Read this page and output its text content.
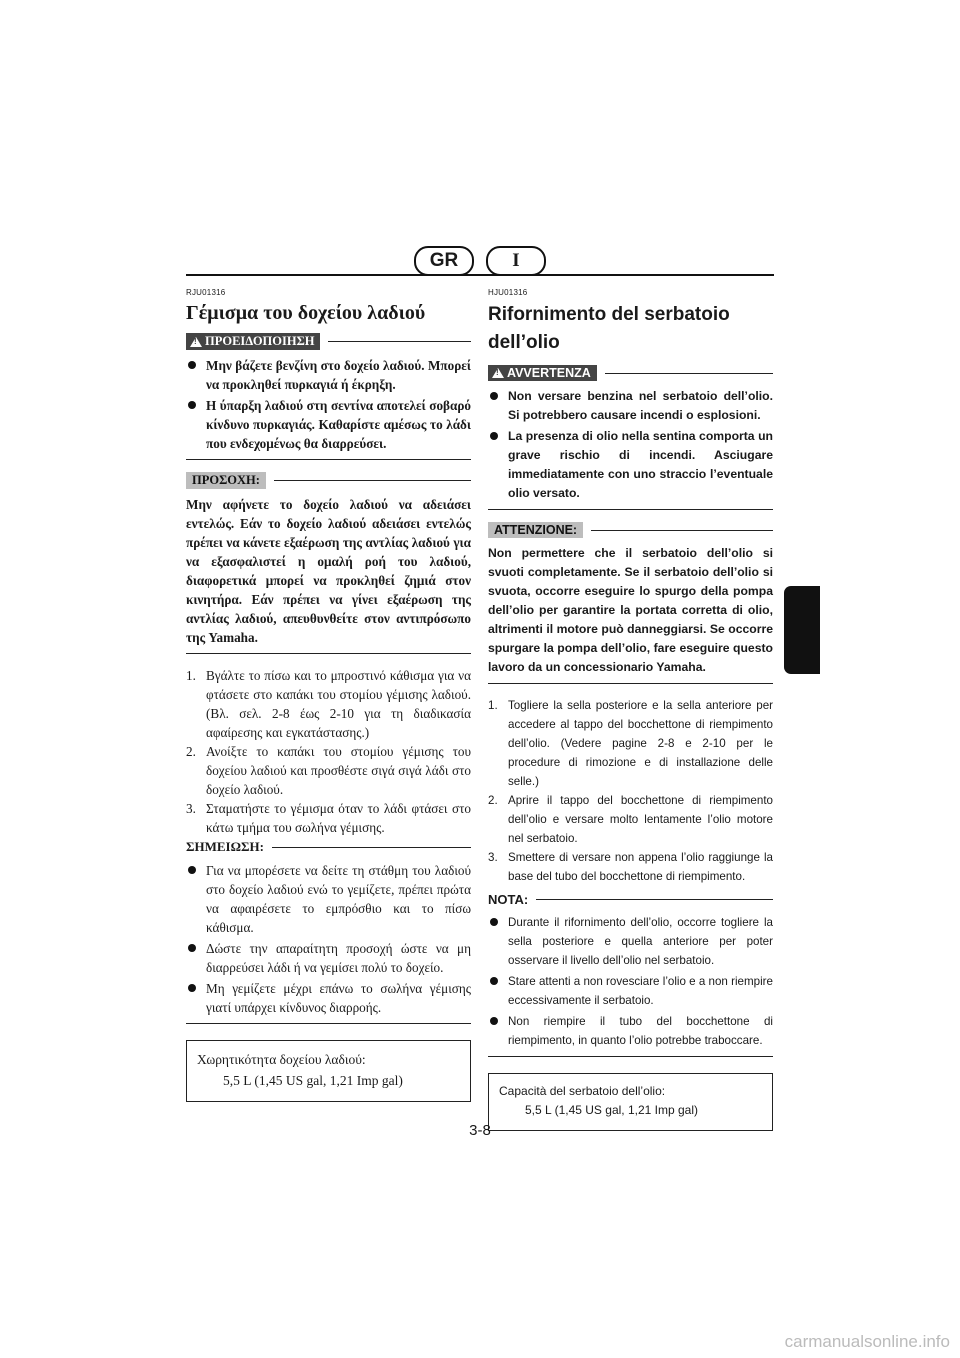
GR	I
RJU01316
Γέμισμα του δοχείου λαδιού
!
ΠΡΟΕΙΔΟΠΟΙΗΣΗ
Μην βάζετε βενζίνη στο δοχείο λαδιού. Μπορεί να προκληθεί πυρκαγιά ή έκρηξη.
Η ύπαρξη λαδιού στη σεντίνα αποτελεί σοβαρό κίνδυνο πυρκαγιάς. Καθαρίστε αμέσως το λάδι που ενδεχομένως θα διαρρεύσει.
ΠΡΟΣΟΧΗ:
Μην αφήνετε το δοχείο λαδιού να αδειάσει εντελώς. Εάν το δοχείο λαδιού αδειάσει εντελώς πρέπει να κάνετε εξαέρωση της αντλίας λαδιού για να εξασφαλιστεί η ομαλή ροή του λαδιού, διαφορετικά μπορεί να προκληθεί ζημιά στον κινητήρα. Εάν πρέπει να γίνει εξαέρωση της αντλίας λαδιού, απευθυνθείτε στον αντιπρόσωπο της Yamaha.
1. Βγάλτε το πίσω και το μπροστινό κάθισμα για να φτάσετε στο καπάκι του στομίου γέμισης λαδιού. (Βλ. σελ. 2-8 έως 2-10 για τη διαδικασία αφαίρεσης και εγκατάστασης.)
2. Ανοίξτε το καπάκι του στομίου γέμισης του δοχείου λαδιού και προσθέστε σιγά σιγά λάδι στο δοχείο λαδιού.
3. Σταματήστε το γέμισμα όταν το λάδι φτάσει στο κάτω τμήμα του σωλήνα γέμισης.
ΣΗΜΕΙΩΣΗ:
Για να μπορέσετε να δείτε τη στάθμη του λαδιού στο δοχείο λαδιού ενώ το γεμίζετε, πρέπει πρώτα να αφαιρέσετε το εμπρόσθιο και το πίσω κάθισμα.
Δώστε την απαραίτητη προσοχή ώστε να μη διαρρεύσει λάδι ή να γεμίσει πολύ το δοχείο.
Μη γεμίζετε μέχρι επάνω το σωλήνα γέμισης γιατί υπάρχει κίνδυνος διαρροής.
Χωρητικότητα δοχείου λαδιού:
5,5 L (1,45 US gal, 1,21 Imp gal)
HJU01316
Rifornimento del serbatoio dell’olio
!
AVVERTENZA
Non versare benzina nel serbatoio dell’olio. Si potrebbero causare incendi o esplosioni.
La presenza di olio nella sentina comporta un grave rischio di incendi. Asciugare immediatamente con uno straccio l’eventuale olio versato.
ATTENZIONE:
Non permettere che il serbatoio dell’olio si svuoti completamente. Se il serbatoio dell’olio si svuota, occorre eseguire lo spurgo della pompa dell’olio per garantire la portata corretta di olio, altrimenti il motore può danneggiarsi. Se occorre spurgare la pompa dell’olio, fare eseguire questo lavoro da un concessionario Yamaha.
1. Togliere la sella posteriore e la sella anteriore per accedere al tappo del bocchettone di riempimento dell’olio. (Vedere pagine 2-8 e 2-10 per le procedure di rimozione e di installazione delle selle.)
2. Aprire il tappo del bocchettone di riempimento dell’olio e versare molto lentamente l’olio motore nel serbatoio.
3. Smettere di versare non appena l’olio raggiunge la base del tubo del bocchettone di riempimento.
NOTA:
Durante il rifornimento dell’olio, occorre togliere la sella posteriore e quella anteriore per poter osservare il livello dell’olio nel serbatoio.
Stare attenti a non rovesciare l’olio e a non riempire eccessivamente il serbatoio.
Non riempire il tubo del bocchettone di riempimento, in quanto l’olio potrebbe traboccare.
Capacità del serbatoio dell’olio:
5,5 L (1,45 US gal, 1,21 Imp gal)
3-8
carmanualsonline.info
